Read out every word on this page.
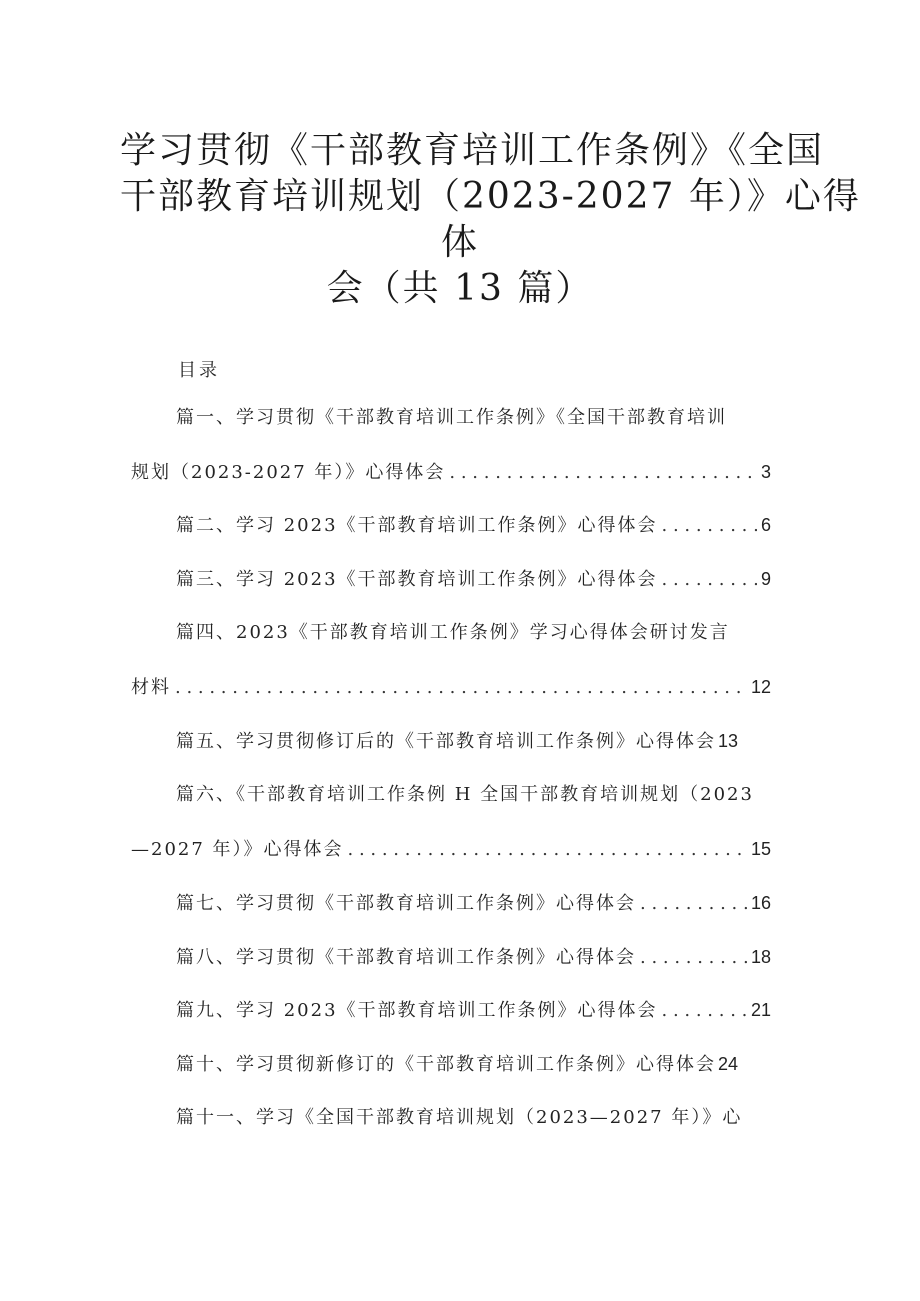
学习贯彻《干部教育培训工作条例》《全国
干部教育培训规划（2023-2027 年）》心得
体
会（共 13 篇）
目录
篇一、学习贯彻《干部教育培训工作条例》《全国干部教育培训
规划（2023-2027 年）》心得体会 . . .	3
篇二、学习 2023《干部教育培训工作条例》心得体会 . . .	6
篇三、学习 2023《干部教育培训工作条例》心得体会 . . .	9
篇四、2023《干部教育培训工作条例》学习心得体会研讨发言
材料 . . .	12
篇五、学习贯彻修订后的《干部教育培训工作条例》心得体会 13
篇六、《干部教育培训工作条例 H 全国干部教育培训规划（2023
—2027 年）》心得体会 . . .	15
篇七、学习贯彻《干部教育培训工作条例》心得体会 . . .	16
篇八、学习贯彻《干部教育培训工作条例》心得体会 . . .	18
篇九、学习 2023《干部教育培训工作条例》心得体会 . . .	21
篇十、学习贯彻新修订的《干部教育培训工作条例》心得体会 24
篇十一、学习《全国干部教育培训规划（2023—2027 年）》心
